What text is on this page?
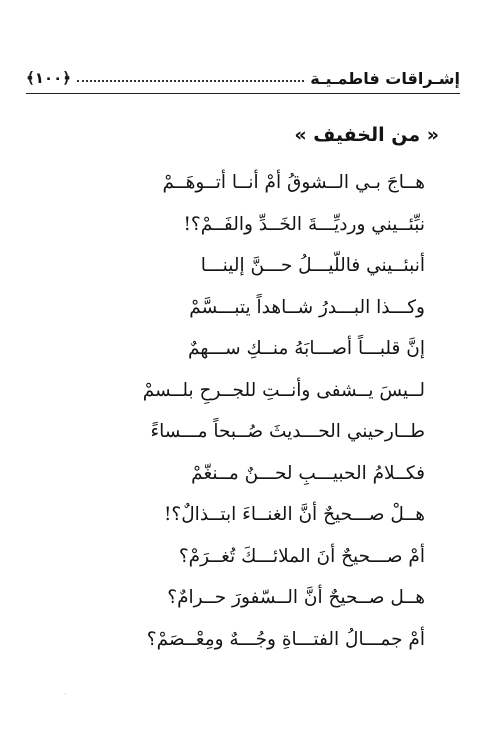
إشـراقات فاطمـيـة
﴿١٠٠﴾
« من الخفيف »
هــاجَ بـي الــشوقُ أمْ أنــا أتــوهَــمْ
نبِّئــيني ورديِّـــةَ الخَــدِّ والفَــمْ؟!
أنبئــيني فاللّيـــلُ حـــنَّ إلينـــا
وكـــذا البـــدرُ شــاهداً يتبـــسَّمْ
إنَّ قلبـــاً أصـــابَهُ منــكِ ســـهمٌ
لــيسَ يــشفى وأنــتِ للجــرحِ بلــسمْ
طــارحيني الحـــديثَ صُــبحاً مـــساءً
فكــلامُ الحبيـــبِ لحـــنٌ مــنغّمْ
هــلْ صـــحيحٌ أنَّ الغنــاءَ ابتــذالٌ؟!
أمْ صـــحيحٌ أنَ الملائـــكَ تُغــرَمْ؟
هــل صــحيحٌ أنَّ الــسّفورَ حــرامٌ؟
أمْ جمـــالُ الفتـــاةِ وجُـــهٌ ومِعْــصَمْ؟
·
